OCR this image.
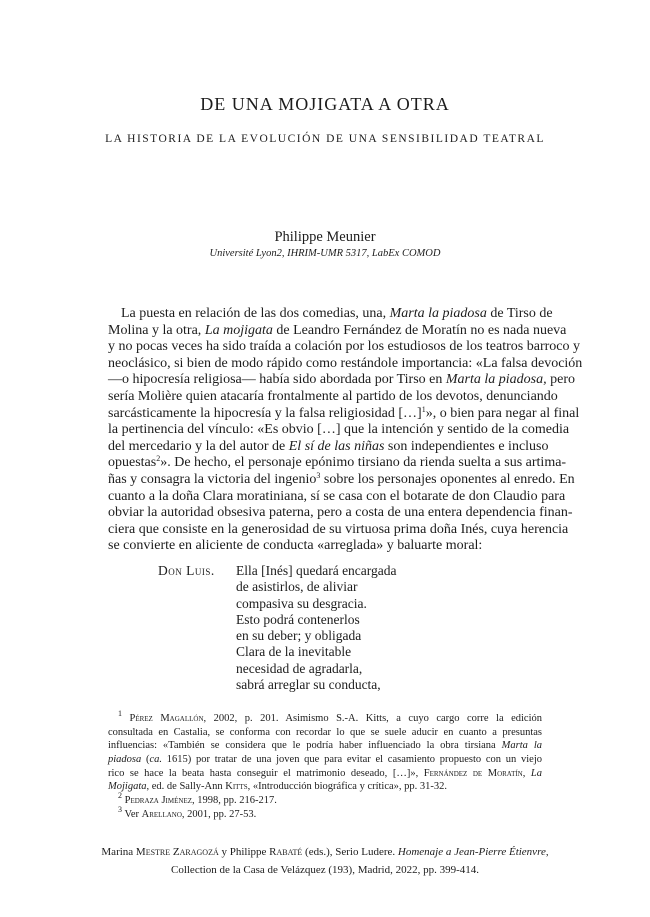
DE UNA MOJIGATA A OTRA
LA HISTORIA DE LA EVOLUCIÓN DE UNA SENSIBILIDAD TEATRAL
Philippe Meunier
Université Lyon2, IHRIM-UMR 5317, LabEx COMOD
La puesta en relación de las dos comedias, una, Marta la piadosa de Tirso de
Molina y la otra, La mojigata de Leandro Fernández de Moratín no es nada nueva
y no pocas veces ha sido traída a colación por los estudiosos de los teatros barroco y
neoclásico, si bien de modo rápido como restándole importancia: «La falsa devoción
—o hipocresía religiosa— había sido abordada por Tirso en Marta la piadosa, pero
sería Molière quien atacaría frontalmente al partido de los devotos, denunciando
sarcásticamente la hipocresía y la falsa religiosidad […]$^1$», o bien para negar al final
la pertinencia del vínculo: «Es obvio […] que la intención y sentido de la comedia
del mercedario y la del autor de El sí de las niñas son independientes e incluso
opuestas$^2$». De hecho, el personaje epónimo tirsiano da rienda suelta a sus artima-
ñas y consagra la victoria del ingenio$^3$ sobre los personajes oponentes al enredo. En
cuanto a la doña Clara moratiniana, sí se casa con el botarate de don Claudio para
obviar la autoridad obsesiva paterna, pero a costa de una entera dependencia finan-
ciera que consiste en la generosidad de su virtuosa prima doña Inés, cuya herencia
se convierte en aliciente de conducta «arreglada» y baluarte moral:
Don Luis. Ella [Inés] quedará encargada
de asistirlos, de aliviar
compasiva su desgracia.
Esto podrá contenerlos
en su deber; y obligada
Clara de la inevitable
necesidad de agradarla,
sabrá arreglar su conducta,
$^1$ Pérez Magallón, 2002, p. 201. Asimismo S.-A. Kitts, a cuyo cargo corre la edición
consultada en Castalia, se conforma con recordar lo que se suele aducir en cuanto a presuntas
influencias: «También se considera que le podría haber influenciado la obra tirsiana Marta la
piadosa (ca. 1615) por tratar de una joven que para evitar el casamiento propuesto con un viejo
rico se hace la beata hasta conseguir el matrimonio deseado, […]», Fernández de Moratín, La
Mojigata, ed. de Sally-Ann Kitts, «Introducción biográfica y crítica», pp. 31-32.
$^2$ Pedraza Jiménez, 1998, pp. 216-217.
$^3$ Ver Arellano, 2001, pp. 27-53.
Marina Mestre Zaragozá y Philippe Rabaté (eds.), Serio Ludere. Homenaje a Jean-Pierre Étienvre,
Collection de la Casa de Velázquez (193), Madrid, 2022, pp. 399-414.
